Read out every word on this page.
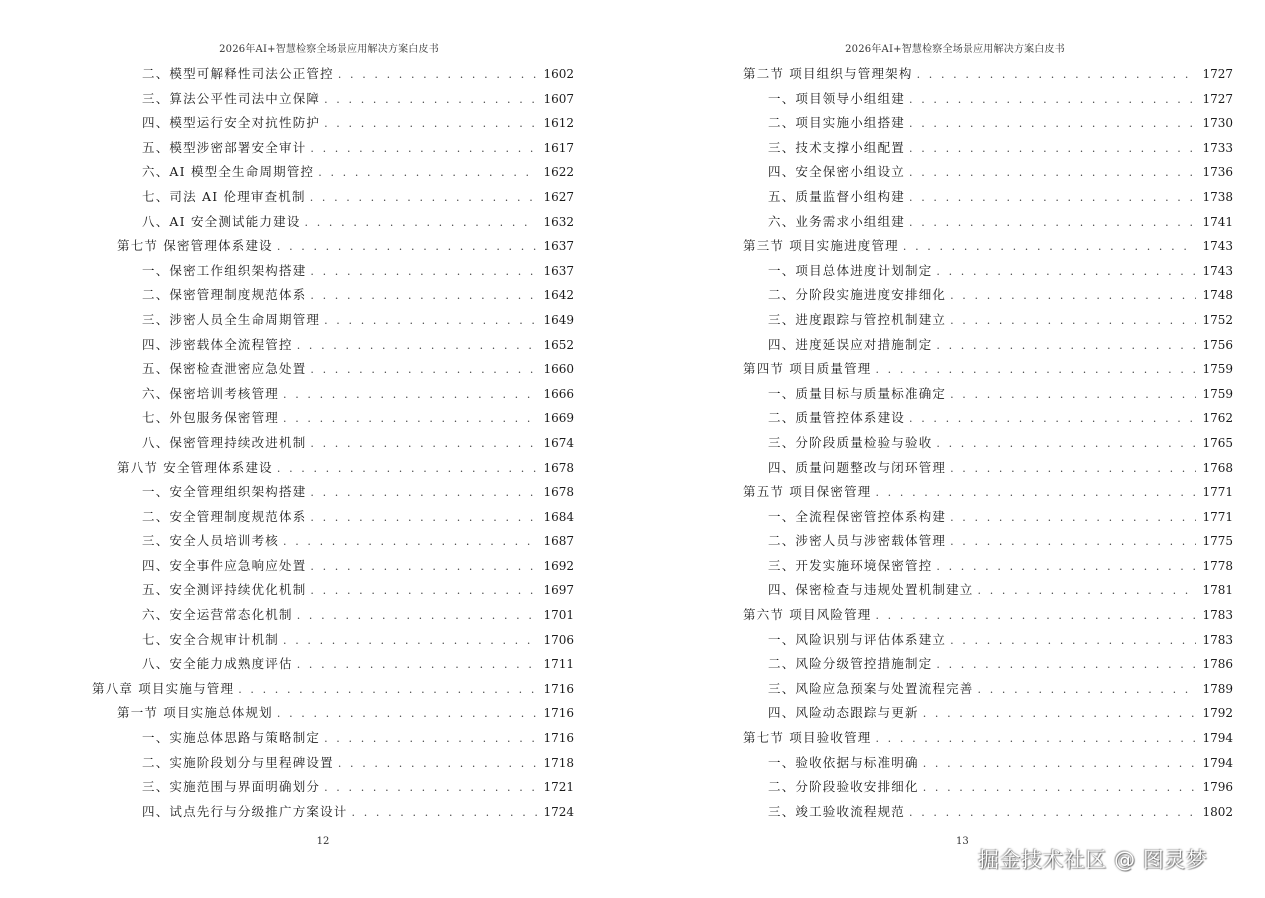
2026年AI+智慧检察全场景应用解决方案白皮书
二、模型可解释性司法公正管控 . . .	1602
三、算法公平性司法中立保障 . . .	1607
四、模型运行安全对抗性防护 . . .	1612
五、模型涉密部署安全审计 . . .	1617
六、AI 模型全生命周期管控 . . .	1622
七、司法 AI 伦理审查机制 . . .	1627
八、AI 安全测试能力建设 . . .	1632
第七节 保密管理体系建设 . . .	1637
一、保密工作组织架构搭建 . . .	1637
二、保密管理制度规范体系 . . .	1642
三、涉密人员全生命周期管理 . . .	1649
四、涉密载体全流程管控 . . .	1652
五、保密检查泄密应急处置 . . .	1660
六、保密培训考核管理 . . .	1666
七、外包服务保密管理 . . .	1669
八、保密管理持续改进机制 . . .	1674
第八节 安全管理体系建设 . . .	1678
一、安全管理组织架构搭建 . . .	1678
二、安全管理制度规范体系 . . .	1684
三、安全人员培训考核 . . .	1687
四、安全事件应急响应处置 . . .	1692
五、安全测评持续优化机制 . . .	1697
六、安全运营常态化机制 . . .	1701
七、安全合规审计机制 . . .	1706
八、安全能力成熟度评估 . . .	1711
第八章 项目实施与管理 . . .	1716
第一节 项目实施总体规划 . . .	1716
一、实施总体思路与策略制定 . . .	1716
二、实施阶段划分与里程碑设置 . . .	1718
三、实施范围与界面明确划分 . . .	1721
四、试点先行与分级推广方案设计 . . .	1724
12
2026年AI+智慧检察全场景应用解决方案白皮书
第二节 项目组织与管理架构 . . .	1727
一、项目领导小组组建 . . .	1727
二、项目实施小组搭建 . . .	1730
三、技术支撑小组配置 . . .	1733
四、安全保密小组设立 . . .	1736
五、质量监督小组构建 . . .	1738
六、业务需求小组组建 . . .	1741
第三节 项目实施进度管理 . . .	1743
一、项目总体进度计划制定 . . .	1743
二、分阶段实施进度安排细化 . . .	1748
三、进度跟踪与管控机制建立 . . .	1752
四、进度延误应对措施制定 . . .	1756
第四节 项目质量管理 . . .	1759
一、质量目标与质量标准确定 . . .	1759
二、质量管控体系建设 . . .	1762
三、分阶段质量检验与验收 . . .	1765
四、质量问题整改与闭环管理 . . .	1768
第五节 项目保密管理 . . .	1771
一、全流程保密管控体系构建 . . .	1771
二、涉密人员与涉密载体管理 . . .	1775
三、开发实施环境保密管控 . . .	1778
四、保密检查与违规处置机制建立 . . .	1781
第六节 项目风险管理 . . .	1783
一、风险识别与评估体系建立 . . .	1783
二、风险分级管控措施制定 . . .	1786
三、风险应急预案与处置流程完善 . . .	1789
四、风险动态跟踪与更新 . . .	1792
第七节 项目验收管理 . . .	1794
一、验收依据与标准明确 . . .	1794
二、分阶段验收安排细化 . . .	1796
三、竣工验收流程规范 . . .	1802
13
掘金技术社区 @ 图灵梦
